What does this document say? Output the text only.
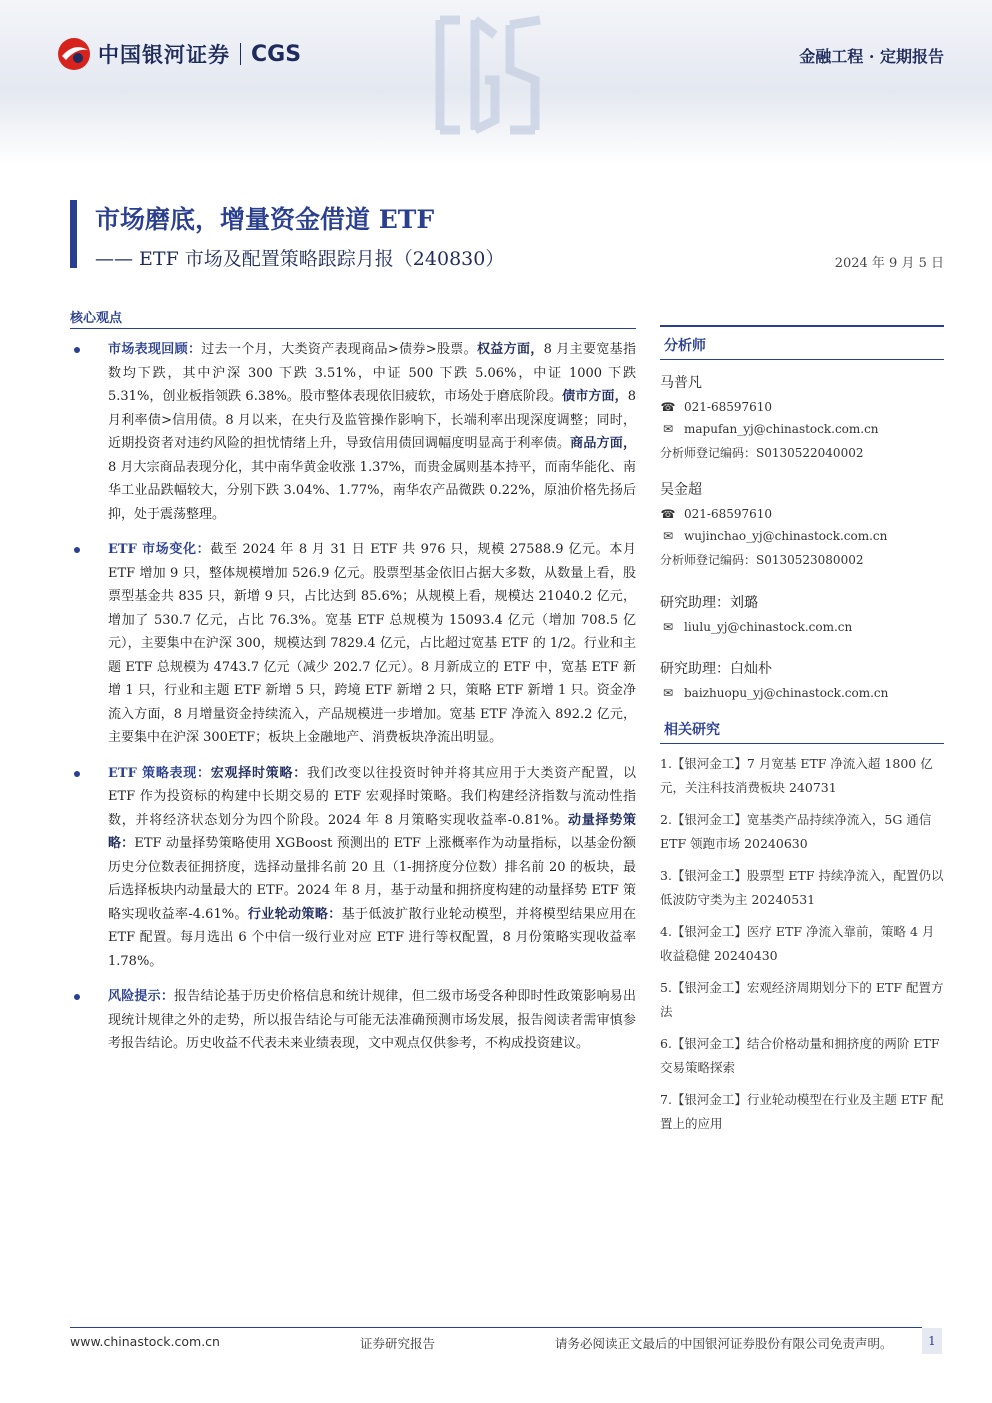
中国银河证券 CGS	金融工程 · 定期报告
市场磨底，增量资金借道 ETF
—— ETF 市场及配置策略跟踪月报（240830）	2024 年 9 月 5 日
核心观点
市场表现回顾：过去一个月，大类资产表现商品>债券>股票。权益方面，8 月主要宽基指数均下跌，其中沪深 300 下跌 3.51%，中证 500 下跌 5.06%，中证 1000 下跌 5.31%，创业板指领跌 6.38%。股市整体表现依旧疲软，市场处于磨底阶段。债市方面，8 月利率债>信用债。8 月以来，在央行及监管操作影响下，长端利率出现深度调整；同时，近期投资者对违约风险的担忧情绪上升，导致信用债回调幅度明显高于利率债。商品方面，8 月大宗商品表现分化，其中南华黄金收涨 1.37%，而贵金属则基本持平，而南华能化、南华工业品跌幅较大，分别下跌 3.04%、1.77%，南华农产品微跌 0.22%，原油价格先扬后抑，处于震荡整理。
ETF 市场变化：截至 2024 年 8 月 31 日 ETF 共 976 只，规模 27588.9 亿元。本月 ETF 增加 9 只，整体规模增加 526.9 亿元。股票型基金依旧占据大多数，从数量上看，股票型基金共 835 只，新增 9 只，占比达到 85.6%；从规模上看，规模达 21040.2 亿元，增加了 530.7 亿元，占比 76.3%。宽基 ETF 总规模为 15093.4 亿元（增加 708.5 亿元），主要集中在沪深 300，规模达到 7829.4 亿元，占比超过宽基 ETF 的 1/2。行业和主题 ETF 总规模为 4743.7 亿元（减少 202.7 亿元）。8 月新成立的 ETF 中，宽基 ETF 新增 1 只，行业和主题 ETF 新增 5 只，跨境 ETF 新增 2 只，策略 ETF 新增 1 只。资金净流入方面，8 月增量资金持续流入，产品规模进一步增加。宽基 ETF 净流入 892.2 亿元，主要集中在沪深 300ETF；板块上金融地产、消费板块净流出明显。
ETF 策略表现：宏观择时策略：我们改变以往投资时钟并将其应用于大类资产配置，以 ETF 作为投资标的构建中长期交易的 ETF 宏观择时策略。我们构建经济指数与流动性指数，并将经济状态划分为四个阶段。2024 年 8 月策略实现收益率-0.81%。动量择势策略：ETF 动量择势策略使用 XGBoost 预测出的 ETF 上涨概率作为动量指标，以基金份额历史分位数表征拥挤度，选择动量排名前 20 且（1-拥挤度分位数）排名前 20 的板块，最后选择板块内动量最大的 ETF。2024 年 8 月，基于动量和拥挤度构建的动量择势 ETF 策略实现收益率-4.61%。行业轮动策略：基于低波扩散行业轮动模型，并将模型结果应用在 ETF 配置。每月选出 6 个中信一级行业对应 ETF 进行等权配置，8 月份策略实现收益率 1.78%。
风险提示：报告结论基于历史价格信息和统计规律，但二级市场受各种即时性政策影响易出现统计规律之外的走势，所以报告结论与可能无法准确预测市场发展，报告阅读者需审慎参考报告结论。历史收益不代表未来业绩表现，文中观点仅供参考，不构成投资建议。
分析师
马普凡
☎ 021-68597610
✉ mapufan_yj@chinastock.com.cn
分析师登记编码：S0130522040002
吴金超
☎ 021-68597610
✉ wujinchao_yj@chinastock.com.cn
分析师登记编码：S0130523080002
研究助理：刘璐
✉ liulu_yj@chinastock.com.cn
研究助理：白灿朴
✉ baizhuopu_yj@chinastock.com.cn
相关研究
1.【银河金工】7 月宽基 ETF 净流入超 1800 亿元，关注科技消费板块 240731
2.【银河金工】宽基类产品持续净流入，5G 通信 ETF 领跑市场 20240630
3.【银河金工】股票型 ETF 持续净流入，配置仍以低波防守类为主 20240531
4.【银河金工】医疗 ETF 净流入靠前，策略 4 月收益稳健 20240430
5.【银河金工】宏观经济周期划分下的 ETF 配置方法
6.【银河金工】结合价格动量和拥挤度的两阶 ETF 交易策略探索
7.【银河金工】行业轮动模型在行业及主题 ETF 配置上的应用
www.chinastock.com.cn	证券研究报告	请务必阅读正文最后的中国银河证券股份有限公司免责声明。	1
